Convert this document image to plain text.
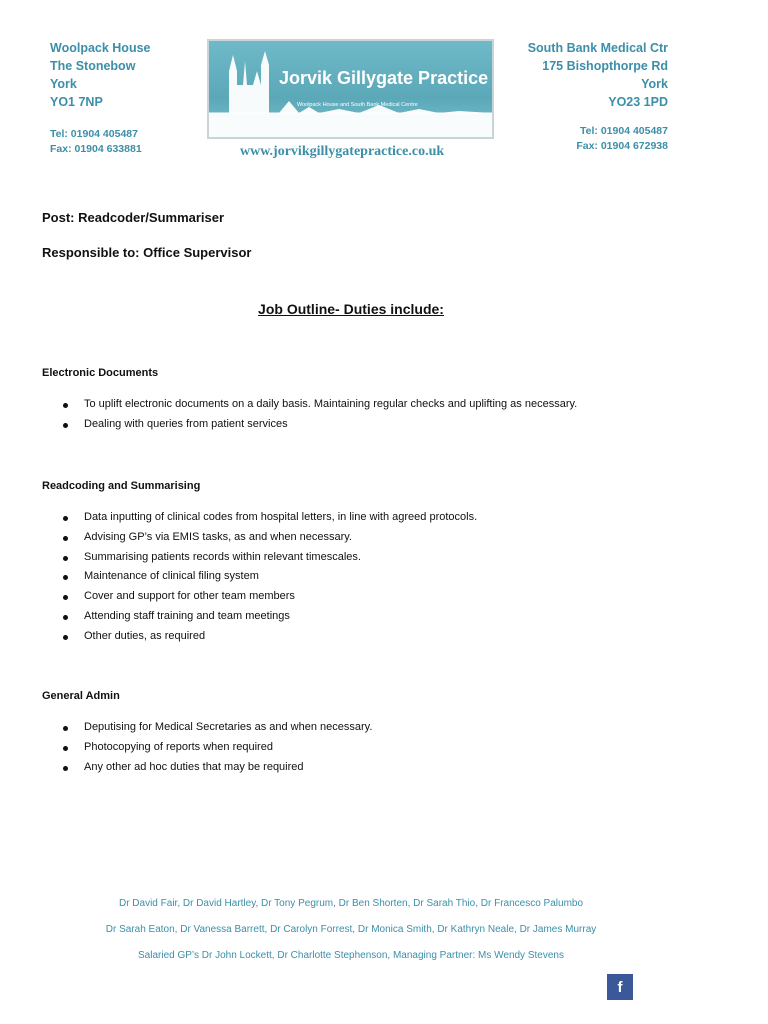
Woolpack House
The Stonebow
York
YO1 7NP
Tel: 01904 405487
Fax: 01904 633881
Jorvik Gillygate Practice
Woolpack House and South Bank Medical Centre
www.jorvikgillygatepractice.co.uk
South Bank Medical Ctr
175 Bishopthorpe Rd
York
YO23 1PD
Tel: 01904 405487
Fax: 01904 672938
Post: Readcoder/Summariser
Responsible to: Office Supervisor
Job Outline- Duties include:
Electronic Documents
To uplift electronic documents on a daily basis. Maintaining regular checks and uplifting as necessary.
Dealing with queries from patient services
Readcoding and Summarising
Data inputting of clinical codes from hospital letters, in line with agreed protocols.
Advising GP’s via EMIS tasks, as and when necessary.
Summarising patients records within relevant timescales.
Maintenance of clinical filing system
Cover and support for other team members
Attending staff training and team meetings
Other duties, as required
General Admin
Deputising for Medical Secretaries as and when necessary.
Photocopying of reports when required
Any other ad hoc duties that may be required
Dr David Fair, Dr David Hartley, Dr Tony Pegrum, Dr Ben Shorten, Dr Sarah Thio, Dr Francesco Palumbo
Dr Sarah Eaton, Dr Vanessa Barrett, Dr Carolyn Forrest, Dr Monica Smith, Dr Kathryn Neale, Dr James Murray
Salaried GP’s Dr John Lockett, Dr Charlotte Stephenson, Managing Partner: Ms Wendy Stevens
f
